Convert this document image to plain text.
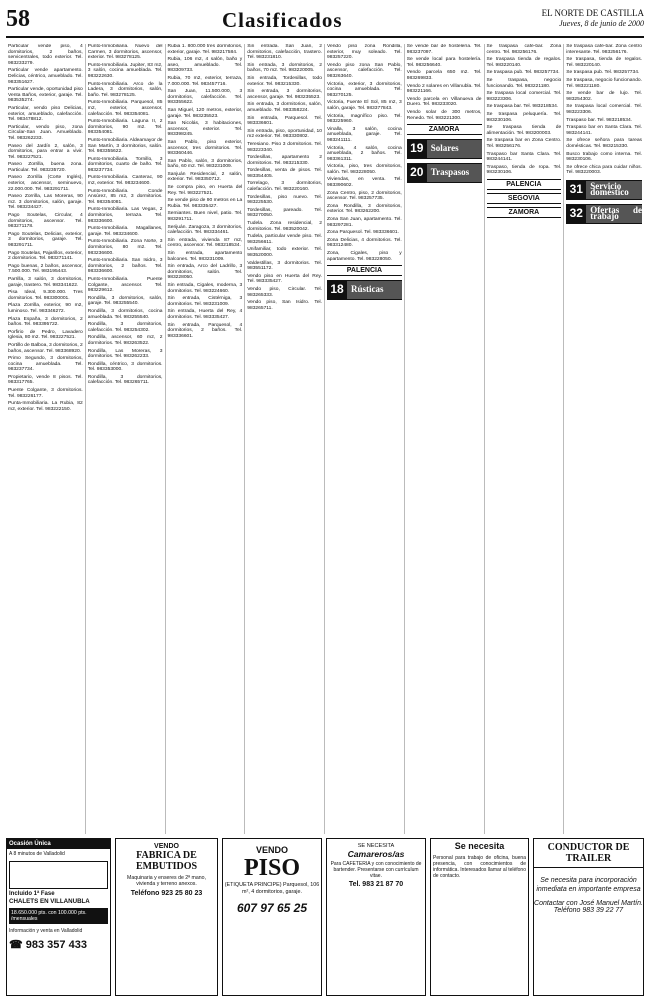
58	Clasificados	EL NORTE DE CASTILLA
Jueves, 8 de junio de 2000

Particular vende piso, 4 dormitorios, 2 baños, servicentrales, todo exterior. Tel. 983233279.

Particular vende apartamento. Delicias, céntrico, amueblado. Tel. 983351627.

Particular vende, oportunidad piso Venta Baños, exterior, garaje. Tel. 983535274.

Particular, vendo piso Delicias, exterior, amueblado, calefacción. Tel. 983478812.

Particular, vendo piso, zona Circular-San Juan. Amueblado. Tel. 983262233.

Paseo del Jardín 2, salón, 3 dormitorios, para entrar a vivir. Tel. 983227521.

Paseo Zorrilla, buena zona. Particular. Tel. 983235720.

Paseo Zorrilla (Corte Inglés), exterior, ascensor, seminuevo, 22.000.000. Tel. 983291711.

Paseo Zorrilla, Las Moreras, 90 m2. 3 dormitorios, salón, garaje. Tel. 983234427.

Pago Soutelas, Circular, 4 dormitorios, ascensor. Tel. 983271178.

Pago Soutelas, Delicias, exterior, 3 dormitorios, garaje. Tel. 983291711.

Pago Soutelas, Pajarillos, exterior, 2 dormitorios. Tel. 983271141.

Pago buenas, 2 baños, ascensor, 7.500.000. Tel. 983195443.

Parrilla, 3 salón, 3 dormitorios, garaje, trastero. Tel. 983341622.

Pisa Ideal, 9.300.000. Tres dormitorios. Tel. 983300001.

Plaza Zorrilla, exterior, 90 m2, luminoso. Tel. 983346272.

Plaza España, 3 dormitorios, 2 baños. Tel. 983395722.

Porfirio de Pedro, Lavadero Iglesia, 80 m2. Tel. 983227521.

Portillo de Balboa, 3 dormitorios, 2 baños, ascensor. Tel. 983368920.

Primo Segundo, 3 dormitorios, cocina amueblada. Tel. 983237734.

Propietario, vende 8 pisos. Tel. 983317765.

Puente Colgante, 3 dormitorios. Tel. 983226177.

Punta-Inmobiliaria. La Rubia, 82 m2, exterior. Tel. 983222150.

Punto-Inmobiliaria. Nuevo del Carmen, 3 dormitorios, ascensor, exterior. Tel. 983278125.

Punto-Inmobiliaria. Jupiter, 83 m2, 3 salón, cocina amueblada. Tel. 983222630.

Punto-Inmobiliaria. Arco de la Ladera, 3 dormitorios, salón, baño. Tel. 983278125.

Punto-Inmobiliaria. Parquesol, 85 m2, exterior, ascensor, calefacción. Tel. 983354081.

Punto-Inmobiliaria. Laguna II, 2 dormitorios, 90 m2. Tel. 983354081.

Punto-Inmobiliaria. Aldeamayor de San Martín, 3 dormitorios, salón. Tel. 983355622.

Punto-Inmobiliaria. Tornillo, 3 dormitorios, cuarto de baño. Tel. 983237734.

Punto-Inmobiliaria. Canterac, 90 m2, exterior. Tel. 983234600.

Punto-Inmobiliaria. Conde Ansúrez, 85 m2, 3 dormitorios. Tel. 983354081.

Punto-Inmobiliaria. Las Vegas, 2 dormitorios, terraza. Tel. 983336600.

Punto-Inmobiliaria. Magallanes, garaje. Tel. 983234600.

Punto-Inmobiliaria. Zona Norte, 3 dormitorios, 80 m2. Tel. 983236600.

Punto-Inmobiliaria. San Isidro, 3 dormitorios, 2 baños. Tel. 983336600.

Punto-Inmobiliaria. Puente Colgante, ascensor. Tel. 983229612.

Rondilla, 3 dormitorios, salón, garaje. Tel. 983255540.

Rondilla, 3 dormitorios, cocina amueblada. Tel. 983255540.

Rondilla, 3 dormitorios, calefacción. Tel. 983254302.

Rondilla, ascensor, 60 m2, 2 dormitorios. Tel. 983263522.

Rondilla, Las Moreras, 3 dormitorios. Tel. 983262233.

Rondilla, céntrico, 3 dormitorios. Tel. 983353000.

Rondilla, 3 dormitorios, calefacción. Tel. 983265711.

Rubia 1. 800.000 tres dormitorios, exterior, garaje. Tel. 983217584.

Rubia, 106 m2, 4 salón, baño y aseo, amueblado. Tel. 983309733.

Rubia, 70 m2, exterior, terraza, 7.000.000. Tel. 983457716.

San Juan, 11.500.000, 3 dormitorios, calefacción. Tel. 983355622.

San Miguel, 120 metros, exterior, garaje. Tel. 983235523.

San Nicolás, 3 habitaciones, ascensor, exterior. Tel. 983398245.

San Pablo, piso exterior, ascensor, tres dormitorios. Tel. 983360446.

San Pablo, salón, 3 dormitorios, baño, 60 m2. Tel. 983231009.

Sanjuán Residencial, 2 salón, exterior. Tel. 983350712.

Se compra piso, en Huerta del Rey. Tel. 983227521.

Se vende piso de 90 metros en La Rubia. Tel. 983335427.

Semiantes. Buen nivel, patio. Tel. 983291711.

Serijuán. Zaragoza, 3 dormitorios, calefacción. Tel. 983334461.

Sin entrada, vivienda 87 m2, centro, ascensor. Tel. 983218534.

Sin entrada, apartamento balcones. Tel. 983231009.

Sin entrada, Arco del Ladrillo, 3 dormitorios, salón. Tel. 983228050.

Sin entrada, Cigales, moderna, 3 dormitorios. Tel. 983224660.

Sin entrada, Cistérniga, 3 dormitorios. Tel. 983231009.

Sin entrada, Huerta del Rey, 4 dormitorios. Tel. 983335427.

Sin entrada, Parquesol, 4 dormitorios, 2 baños. Tel. 983336601.

Sin entrada. San Juan, 2 dormitorios, calefacción, trastero. Tel. 983231810.

Sin entrada, 3 dormitorios, 2 baños, 70 m2. Tel. 983220005.

Sin entrada, Tordesillas, todo exterior. Tel. 983215330.

Sin entrada, 3 dormitorios, ascensor, garaje. Tel. 983235523.

Sin entrada, 3 dormitorios, salón, amueblado. Tel. 983358224.

Sin entrada, Parquesol. Tel. 983336601.

Sin entrada, piso, oportunidad, 10 m2 exterior. Tel. 983330802.

Teresiano. Piso 3 dormitorios. Tel. 983223340.

Tordesillas, apartamento 2 dormitorios. Tel. 983215330.

Tordesillas, venta de pisos. Tel. 983354405.

Torrelago, 3 dormitorios, calefacción. Tel. 983220160.

Tordesillas, piso nuevo. Tel. 983225530.

Tordesillas, pareado. Tel. 983270050.

Tudela. Zona residencial, 2 dormitorios. Tel. 983520042.

Tudela, particular vende piso. Tel. 983256611.

Unifamiliar, todo exterior. Tel. 983520000.

Valdestillas, 3 dormitorios. Tel. 983551172.

Vendo piso en Huerta del Rey. Tel. 983335427.

Vendo piso, Circular. Tel. 983265333.

Vendo piso, San Isidro. Tel. 983265711.

Vendo piso zona Rondilla, exterior, muy soleado. Tel. 983257220.

Vendo piso zona San Pablo, ascensor, calefacción. Tel. 983263640.

Victoria, exterior, 3 dormitorios, cocina amueblada. Tel. 983270125.

Victoria, Fuente El Sol, 85 m2, 3 salón, garaje. Tel. 983377843.

Victoria, magnífico piso. Tel. 983225960.

Vinalla, 3 salón, cocina amueblada, garaje. Tel. 983241111.

Victoria, 4 salón, cocina amueblada, 2 baños. Tel. 983361311.

Victoria, piso, tres dormitorios, salón. Tel. 983228050.

Viviendas, en venta. Tel. 983390602.

Zona Centro, piso, 2 dormitorios, ascensor. Tel. 983257735.

Zona Rondilla, 3 dormitorios, exterior. Tel. 983262200.

Zona San Juan, apartamento. Tel. 983297281.

Zona Parquesol. Tel. 983336601.

Zona Delicias, 4 dormitorios. Tel. 983312480.

Zona, Cigales, piso y apartamento. Tel. 983228050.

PALENCIA
18 Rústicas

Se vende bar de hostelería. Tel. 983237097.

Se vende local para hostelería. Tel. 983256640.

Vendo parcela 650 m2. Tel. 983269833.

Vendo 2 solares en Villanubla. Tel. 983221166.

Vendo parcela en Villanueva de Duero. Tel. 983233020.

Vendo solar de 300 metros, Renedo. Tel. 983221300.

ZAMORA
19 Solares
20 Traspasos

Se traspasa café-bar. Zona centro. Tel. 983256176.

Se traspasa tienda de regalos. Tel. 983220140.

Se traspasa pub. Tel. 983257734.

Se traspasa, negocio funcionando. Tel. 983221180.

Se traspasa local comercial. Tel. 983223306.

Se traspasa bar. Tel. 983218534.

Se traspasa peluquería. Tel. 983230106.

Se traspasa tienda de alimentación. Tel. 983200003.

Se traspasa bar en Zona Centro. Tel. 983256176.

Traspaso bar Santa Clara. Tel. 983244141.

Traspaso, tienda de ropa. Tel. 983230106.

PALENCIA
SEGOVIA
ZAMORA

Se traspasa café-bar. Zona centro interesante. Tel. 983256176.

Se traspasa, tienda de regalos. Tel. 983220140.

Se traspasa pub. Tel. 983257734.

Se traspasa, negocio funcionando. Tel. 983221180.

Se vende bar de lujo. Tel. 983254302.

Se traspasa local comercial. Tel. 983223306.

Traspaso bar. Tel. 983218534.

Traspaso bar en Santa Clara. Tel. 983244141.

Se ofrece señora para tareas domésticas. Tel. 983215330.

Busco trabajo como interna. Tel. 983230106.

Se ofrece chica para cuidar niños. Tel. 983220003.

31 Servicio doméstico
32 Ofertas de trabajo
Ocasión Única
A 8 minutos de Valladolid
Incluido 1ª Fase
CHALETS EN VILLANUBLA
18.650.000 pts. con 100.000 pts. /mensuales
Información y venta en Valladolid
☎ 983 357 433
VENDO
FABRICA DE EMBUTIDOS
Maquinaria y enseres de 2ª mano, vivienda y terreno anexos.
Teléfono 923 25 80 23
VENDO
PISO
(ETIQUETA PRINCIPE) Parquesol, 106 m², 4 dormitorios, garaje.
607 97 65 25
SE NECESITA
Camareros/as
Para CAFETERIA y con conocimiento de bartender. Presentarse con currículum vitae.
Tel. 983 21 87 70
Se necesita
Personal para trabajo de oficina, buena presencia, con conocimientos de informática. Interesados llamar al teléfono de contacto.
CONDUCTOR DE TRAILER
Se necesita para incorporación inmediata en importante empresa
Contactar con José Manuel Martín. Teléfono 983 39 22 77
